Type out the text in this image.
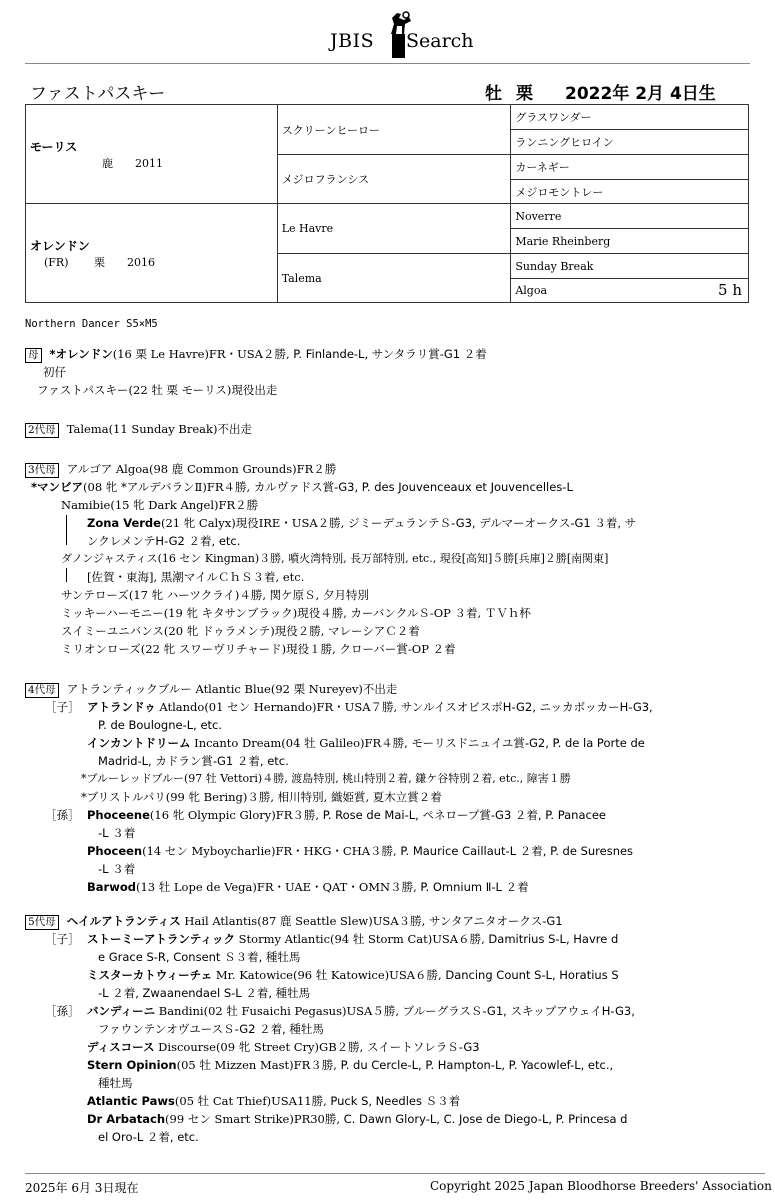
JBIS Search
ファストパスキー	牡 栗 2022年 2月 4日生
モーリス
鹿　　2011	スクリーンヒーロー	グラスワンダー
		ランニングヒロイン
	メジロフランシス	カーネギー
		メジロモントレー

オレンドン
(FR)　　 栗　　2016	Le Havre	Noverre
		Marie Rheinberg
	Talema	Sunday Break
		Algoa 5 h
Northern Dancer S5×M5
母 *オレンドン(16 栗 Le Havre)FR・USA２勝, P. Finlande-L, サンタラリ賞-G1 ２着
初仔
ファストパスキー(22 牡 栗 モーリス)現役出走
2代母 Talema(11 Sunday Break)不出走
3代母 アルゴア Algoa(98 鹿 Common Grounds)FR２勝
*マンビア(08 牝 *アルデバランⅡ)FR４勝, カルヴァドス賞-G3, P. des Jouvenceaux et Jouvencelles-L
Namibie(15 牝 Dark Angel)FR２勝
Zona Verde(21 牝 Calyx)現役IRE・USA２勝, ジミーデュランテＳ-G3, デルマーオークス-G1 ３着, サ
ンクレメンテH-G2 ２着, etc.
ダノンジャスティス(16 セン Kingman)３勝, 噴火湾特別, 長万部特別, etc., 現役[高知]５勝[兵庫]２勝[南関東]
[佐賀・東海], 黒潮マイルＣｈＳ３着, etc.
サンテローズ(17 牝 ハーツクライ)４勝, 関ケ原Ｓ, 夕月特別
ミッキーハーモニー(19 牝 キタサンブラック)現役４勝, カーバンクルＳ-OP ３着, ＴＶｈ杯
スイミーユニバンス(20 牝 ドゥラメンテ)現役２勝, マレーシアＣ２着
ミリオンローズ(22 牝 スワーヴリチャード)現役１勝, クローバー賞-OP ２着
4代母 アトランティックブルー Atlantic Blue(92 栗 Nureyev)不出走
［子］ アトランドゥ Atlando(01 セン Hernando)FR・USA７勝, サンルイスオビスポH-G2, ニッカボッカーH-G3,
P. de Boulogne-L, etc.
インカントドリーム Incanto Dream(04 牡 Galileo)FR４勝, モーリスドニュイユ賞-G2, P. de la Porte de
Madrid-L, カドラン賞-G1 ２着, etc.
*ブルーレッドブルー(97 牡 Vettori)４勝, 渡島特別, 桃山特別２着, 鎌ケ谷特別２着, etc., 障害１勝
*ブリストルパリ(99 牝 Bering)３勝, 相川特別, 織姫賞, 夏木立賞２着
［孫］ Phoceene(16 牝 Olympic Glory)FR３勝, P. Rose de Mai-L, ペネロープ賞-G3 ２着, P. Panacee
-L ３着
Phoceen(14 セン Myboycharlie)FR・HKG・CHA３勝, P. Maurice Caillaut-L ２着, P. de Suresnes
-L ３着
Barwod(13 牡 Lope de Vega)FR・UAE・QAT・OMN３勝, P. Omnium Ⅱ-L ２着
5代母 ヘイルアトランティス Hail Atlantis(87 鹿 Seattle Slew)USA３勝, サンタアニタオークス-G1
［子］ ストーミーアトランティック Stormy Atlantic(94 牡 Storm Cat)USA６勝, Damitrius S-L, Havre d
e Grace S-R, Consent Ｓ３着, 種牡馬
ミスターカトウィーチェ Mr. Katowice(96 牡 Katowice)USA６勝, Dancing Count S-L, Horatius S
-L ２着, Zwaanendael S-L ２着, 種牡馬
［孫］ バンディーニ Bandini(02 牡 Fusaichi Pegasus)USA５勝, ブルーグラスＳ-G1, スキップアウェイH-G3,
ファウンテンオヴユースＳ-G2 ２着, 種牡馬
ディスコース Discourse(09 牝 Street Cry)GB２勝, スイートソレラＳ-G3
Stern Opinion(05 牡 Mizzen Mast)FR３勝, P. du Cercle-L, P. Hampton-L, P. Yacowlef-L, etc.,
種牡馬
Atlantic Paws(05 牡 Cat Thief)USA11勝, Puck S, Needles Ｓ３着
Dr Arbatach(99 セン Smart Strike)PR30勝, C. Dawn Glory-L, C. Jose de Diego-L, P. Princesa d
el Oro-L ２着, etc.
2025年 6月 3日現在	Copyright 2025 Japan Bloodhorse Breeders' Association
